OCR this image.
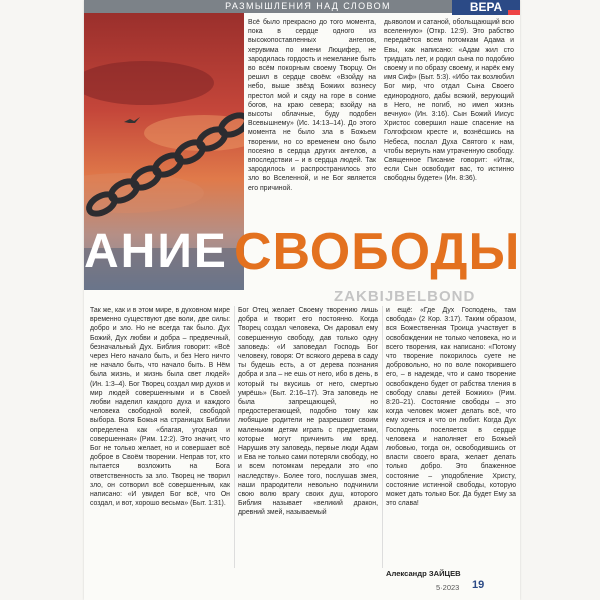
РАЗМЫШЛЕНИЯ НАД СЛОВОМ	ВЕРА

Всё было прекрасно до того момента, пока в сердце одного из высокопоставленных ангелов, херувима по имени Люцифер, не зародилась гордость и нежелание быть во всём покорным своему Творцу. Он решил в сердце своём: «Взойду на небо, выше звёзд Божиих вознесу престол мой и сяду на горе в сонме богов, на краю севера; взойду на высоты облачные, буду подобен Всевышнему» (Ис. 14:13–14). До этого момента не было зла в Божьем творении, но со временем оно было посеяно в сердца других ангелов, а впоследствии – и в сердца людей. Так зародилось и распространилось это зло во Вселенной, и не Бог является его причиной.

дьяволом и сатаной, обольщающий всю вселенную» (Откр. 12:9). Это рабство передаётся всем потомкам Адама и Евы, как написано: «Адам жил сто тридцать лет, и родил сына по подобию своему и по образу своему, и нарёк ему имя Сиф» (Быт. 5:3). «Ибо так возлюбил Бог мир, что отдал Сына Своего единородного, дабы всякий, верующий в Него, не погиб, но имел жизнь вечную» (Ин. 3:16). Сын Божий Иисус Христос совершил наше спасение на Голгофском кресте и, вознёсшись на Небеса, послал Духа Святого к нам, чтобы вернуть нам утраченную свободу. Священное Писание говорит: «Итак, если Сын освободит вас, то истинно свободны будете» (Ин. 8:36).

АНИЕ СВОБОДЫ
ZAKBIJBELBOND

Так же, как и в этом мире, в духовном мире временно существуют две воли, две силы: добро и зло. Но не всегда так было. Дух Божий, Дух любви и добра – предвечный, безначальный Дух. Библия говорит: «Всё через Него начало быть, и без Него ничто не начало быть, что начало быть. В Нём была жизнь, и жизнь была свет людей» (Ин. 1:3–4). Бог Творец создал мир духов и мир людей совершенными и в Своей любви наделил каждого духа и каждого человека свободной волей, свободой выбора. Воля Божья на страницах Библии определена как «благая, угодная и совершенная» (Рим. 12:2). Это значит, что Бог не только желает, но и совершает всё доброе в Своём творении. Неправ тот, кто пытается возложить на Бога ответственность за зло. Творец не творил зло, он сотворил всё совершенным, как написано: «И увидел Бог всё, что Он создал, и вот, хорошо весьма» (Быт. 1:31).

Бог Отец желает Своему творению лишь добра и творит его постоянно. Когда Творец создал человека, Он даровал ему совершенную свободу, дав только одну заповедь: «И заповедал Господь Бог человеку, говоря: От всякого дерева в саду ты будешь есть, а от дерева познания добра и зла – не ешь от него, ибо в день, в который ты вкусишь от него, смертью умрёшь» (Быт. 2:16–17). Эта заповедь не была запрещающей, но предостерегающей, подобно тому как любящие родители не разрешают своим маленьким детям играть с предметами, которые могут причинить им вред. Нарушив эту заповедь, первые люди Адам и Ева не только сами потеряли свободу, но и всем потомкам передали это «по наследству». Более того, послушав змея, наши прародители невольно подчинили свою волю врагу своих душ, которого Библия называет «великий дракон, древний змей, называемый

и ещё: «Где Дух Господень, там свобода» (2 Кор. 3:17). Таким образом, вся Божественная Троица участвует в освобождении не только человека, но и всего творения, как написано: «Потому что творение покорилось суете не добровольно, но по воле покорившего его, – в надежде, что и само творение освобождено будет от рабства тления в свободу славы детей Божиих» (Рим. 8:20–21). Состояние свободы – это когда человек может делать всё, что ему хочется и что он любит. Когда Дух Господень поселяется в сердце человека и наполняет его Божьей любовью, тогда он, освободившись от власти своего врага, желает делать только добро. Это блаженное состояние – уподобление Христу, состояние истинной свободы, которую может дать только Бог. Да будет Ему за это слава!

Александр ЗАЙЦЕВ
5·2023 19
